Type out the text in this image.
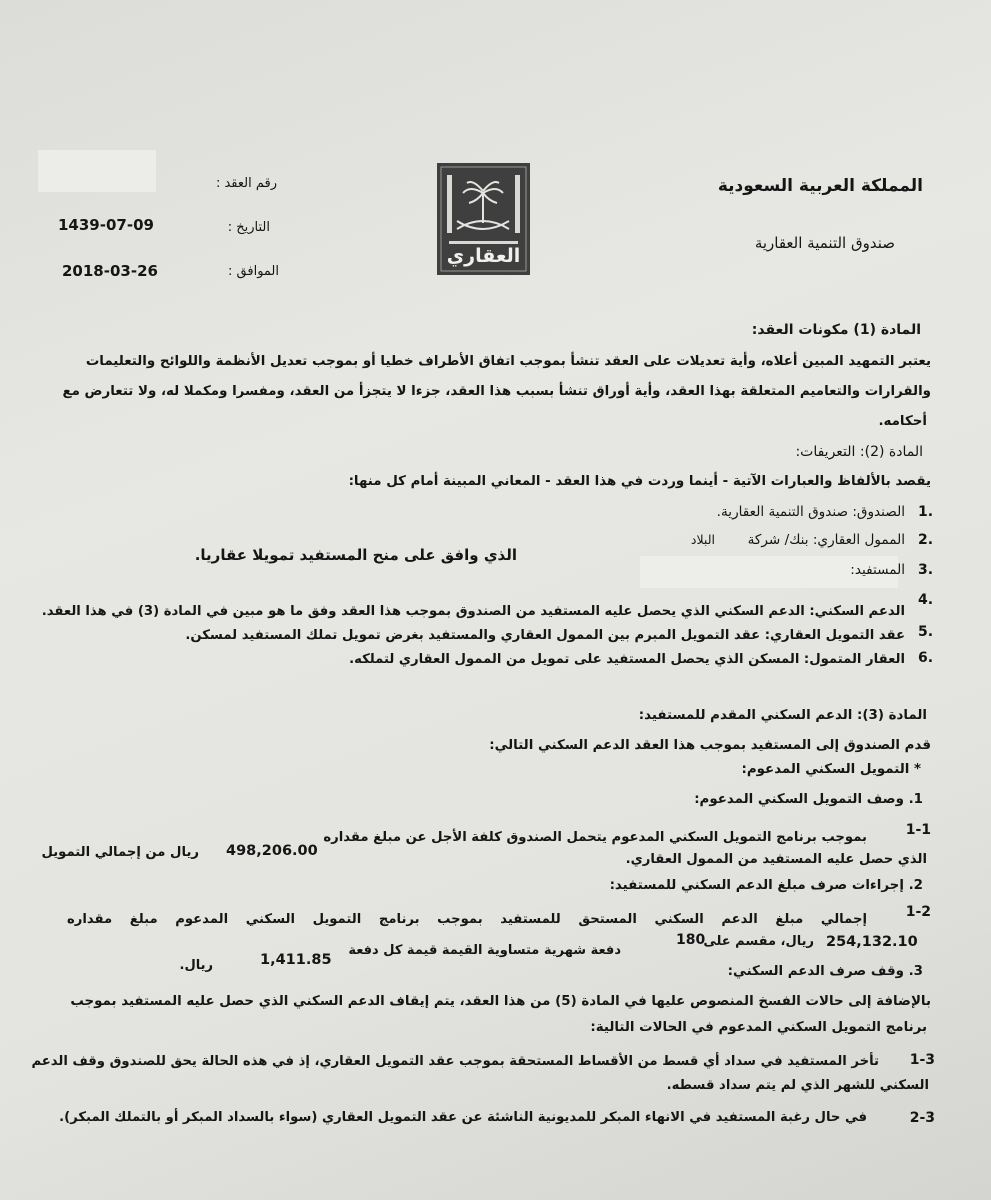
المملكة العربية السعودية
صندوق التنمية العقارية
رقم العقد :
التاريخ :
1439-07-09
الموافق :
2018-03-26
العقاري
المادة (1) مكونات العقد:
يعتبر التمهيد المبين أعلاه، وأية تعديلات على العقد تنشأ بموجب اتفاق الأطراف خطيا أو بموجب تعديل الأنظمة واللوائح والتعليمات
والقرارات والتعاميم المتعلقة بهذا العقد، وأية أوراق تنشأ بسبب هذا العقد، جزءا لا يتجزأ من العقد، ومفسرا ومكملا له، ولا تتعارض مع
أحكامه.
المادة (2): التعريفات:
يقصد بالألفاظ والعبارات الآتية - أينما وردت في هذا العقد - المعاني المبينة أمام كل منها:
1.
الصندوق: صندوق التنمية العقارية.
2.
الممول العقاري: بنك/ شركة
البلاد
الذي وافق على منح المستفيد تمويلا عقاريا.
3.
المستفيد:
4.
الدعم السكني: الدعم السكني الذي يحصل عليه المستفيد من الصندوق بموجب هذا العقد وفق ما هو مبين في المادة (3) في هذا العقد.
5.
عقد التمويل العقاري: عقد التمويل المبرم بين الممول العقاري والمستفيد بغرض تمويل تملك المستفيد لمسكن.
6.
العقار المتمول: المسكن الذي يحصل المستفيد على تمويل من الممول العقاري لتملكه.
المادة (3): الدعم السكني المقدم للمستفيد:
قدم الصندوق إلى المستفيد بموجب هذا العقد الدعم السكني التالي:
* التمويل السكني المدعوم:
1. وصف التمويل السكني المدعوم:
1-1
بموجب برنامج التمويل السكني المدعوم يتحمل الصندوق كلفة الأجل عن مبلغ مقداره
498,206.00
ريال من إجمالي التمويل	الذي حصل عليه المستفيد من الممول العقاري.
2. إجراءات صرف مبلغ الدعم السكني للمستفيد:
1-2
إجمالي مبلغ الدعم السكني المستحق للمستفيد بموجب برنامج التمويل السكني المدعوم مبلغ مقداره
254,132.10
ريال، مقسم على
180
دفعة شهرية متساوية القيمة قيمة كل دفعة
1,411.85
ريال.	3. وقف صرف الدعم السكني:
بالإضافة إلى حالات الفسخ المنصوص عليها في المادة (5) من هذا العقد، يتم إيقاف الدعم السكني الذي حصل عليه المستفيد بموجب
برنامج التمويل السكني المدعوم في الحالات التالية:
1-3
تأخر المستفيد في سداد أي قسط من الأقساط المستحقة بموجب عقد التمويل العقاري، إذ في هذه الحالة يحق للصندوق وقف الدعم
السكني للشهر الذي لم يتم سداد قسطه.
2-3
في حال رغبة المستفيد في الانهاء المبكر للمديونية الناشئة عن عقد التمويل العقاري (سواء بالسداد المبكر أو بالتملك المبكر).
